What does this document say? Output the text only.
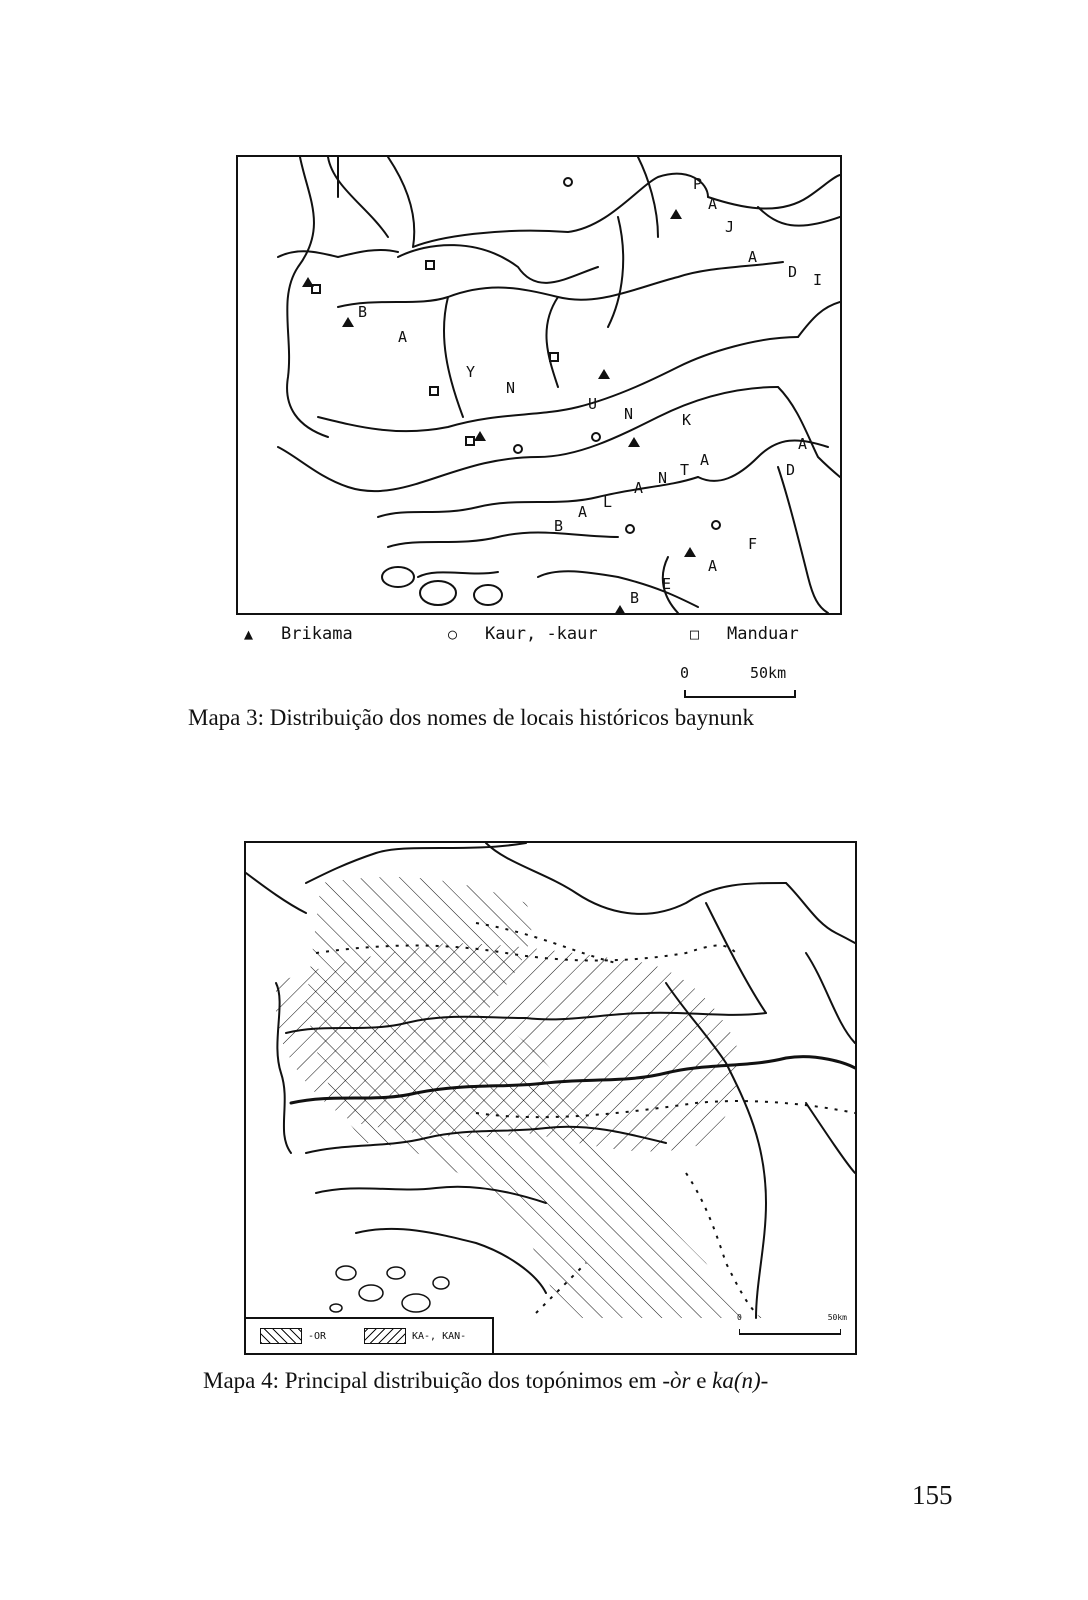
P
A
J
A
D I
B
A
Y
N
U
N	K
B
A
L
A
N T
A
D
A
B
E
A
F
▲ Brikama	○ Kaur, -kaur	□ Manduar
0	50km
Mapa 3: Distribuição dos nomes de locais históricos baynunk
-OR	KA-, KAN-
0	50km
Mapa 4: Principal distribuição dos topónimos em -òr e ka(n)-
155
